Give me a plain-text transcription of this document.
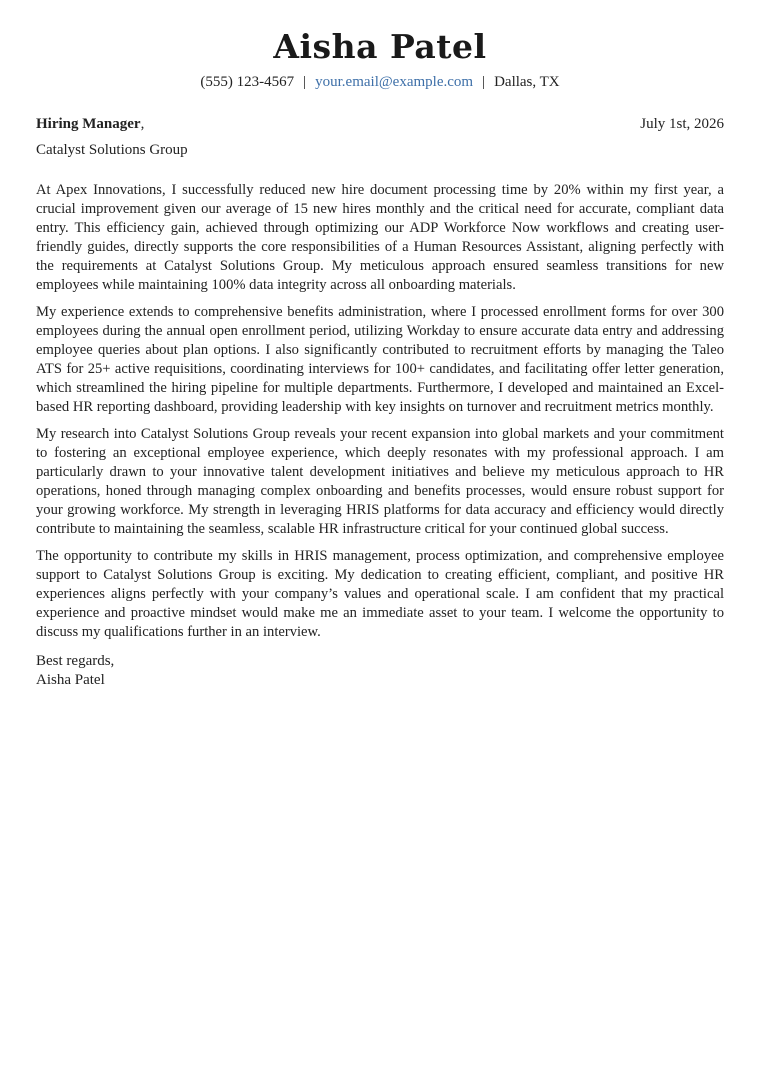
Aisha Patel
(555) 123-4567 | your.email@example.com | Dallas, TX
Hiring Manager,	July 1st, 2026
Catalyst Solutions Group

At Apex Innovations, I successfully reduced new hire document processing time by 20% within my first year, a crucial improvement given our average of 15 new hires monthly and the critical need for accurate, compliant data entry. This efficiency gain, achieved through optimizing our ADP Workforce Now workflows and creating user-friendly guides, directly supports the core responsibilities of a Human Resources Assistant, aligning perfectly with the requirements at Catalyst Solutions Group. My meticulous approach ensured seamless transitions for new employees while maintaining 100% data integrity across all onboarding materials.

My experience extends to comprehensive benefits administration, where I processed enrollment forms for over 300 employees during the annual open enrollment period, utilizing Workday to ensure accurate data entry and addressing employee queries about plan options. I also significantly contributed to recruitment efforts by managing the Taleo ATS for 25+ active requisitions, coordinating interviews for 100+ candidates, and facilitating offer letter generation, which streamlined the hiring pipeline for multiple departments. Furthermore, I developed and maintained an Excel-based HR reporting dashboard, providing leadership with key insights on turnover and recruitment metrics monthly.

My research into Catalyst Solutions Group reveals your recent expansion into global markets and your commitment to fostering an exceptional employee experience, which deeply resonates with my professional approach. I am particularly drawn to your innovative talent development initiatives and believe my meticulous approach to HR operations, honed through managing complex onboarding and benefits processes, would ensure robust support for your growing workforce. My strength in leveraging HRIS platforms for data accuracy and efficiency would directly contribute to maintaining the seamless, scalable HR infrastructure critical for your continued global success.

The opportunity to contribute my skills in HRIS management, process optimization, and comprehensive employee support to Catalyst Solutions Group is exciting. My dedication to creating efficient, compliant, and positive HR experiences aligns perfectly with your company’s values and operational scale. I am confident that my practical experience and proactive mindset would make me an immediate asset to your team. I welcome the opportunity to discuss my qualifications further in an interview.

Best regards,
Aisha Patel
